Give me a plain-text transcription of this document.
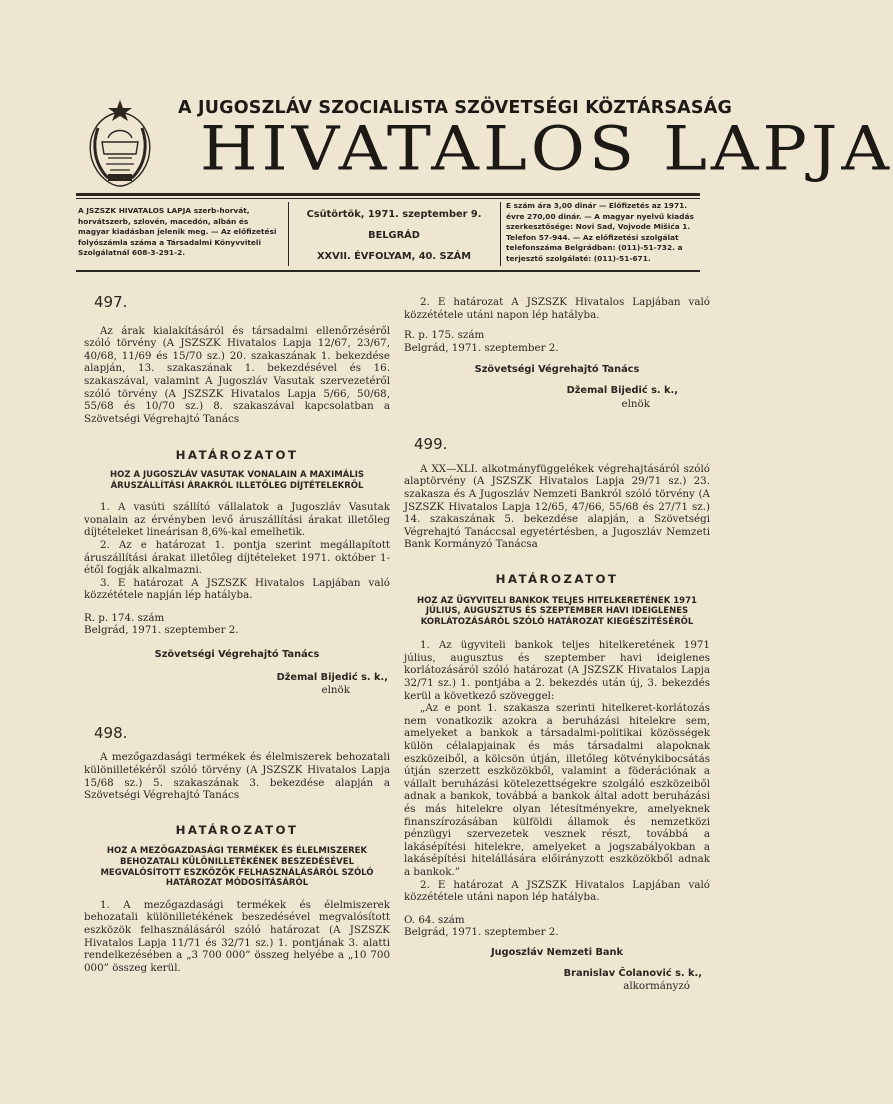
A JUGOSZLÁV SZOCIALISTA SZÖVETSÉGI KÖZTÁRSASÁG
HIVATALOS LAPJA
A JSZSZK HIVATALOS LAPJA szerb-horvát, horvátszerb, szlovén, macedón, albán és magyar kiadásban jelenik meg. — Az előfizetési folyószámla száma a Társadalmi Könyvviteli Szolgálatnál 608-3-291-2.
Csütörtök, 1971. szeptember 9.
BELGRÁD
XXVII. ÉVFOLYAM, 40. SZÁM
E szám ára 3,00 dinár — Előfizetés az 1971. évre 270,00 dinár. — A magyar nyelvű kiadás szerkesztősége: Novi Sad, Vojvode Mišića 1. Telefon 57-944. — Az előfizetési szolgálat telefonszáma Belgrádban: (011)-51-732. a terjesztő szolgálaté: (011)-51-671.
497.

Az árak kialakításáról és társadalmi ellenőrzéséről szóló törvény (A JSZSZK Hivatalos Lapja 12/67, 23/67, 40/68, 11/69 és 15/70 sz.) 20. szakaszának 1. bekezdése alapján, 13. szakaszának 1. bekezdésével és 16. szakaszával, valamint A Jugoszláv Vasutak szervezetéről szóló törvény (A JSZSZK Hivatalos Lapja 5/66, 50/68, 55/68 és 10/70 sz.) 8. szakaszával kapcsolatban a Szövetségi Végrehajtó Tanács

HATÁROZATOT
HOZ A JUGOSZLÁV VASUTAK VONALAIN A MAXIMÁLIS ÁRUSZÁLLÍTÁSI ÁRAKRÓL ILLETŐLEG DÍJTÉTELEKRŐL

1. A vasúti szállító vállalatok a Jugoszláv Vasutak vonalain az érvényben levő áruszállítási árakat illetőleg díjtételeket lineárisan 8,6%-kal emelhetik.

2. Az e határozat 1. pontja szerint megállapított áruszállítási árakat illetőleg díjtételeket 1971. október 1-étől fogják alkalmazni.

3. E határozat A JSZSZK Hivatalos Lapjában való közzététele napján lép hatályba.

R. p. 174. szám
Belgrád, 1971. szeptember 2.
Szövetségi Végrehajtó Tanács
Džemal Bijedić s. k.,
elnök
498.

A mezőgazdasági termékek és élelmiszerek behozatali különilletékéről szóló törvény (A JSZSZK Hivatalos Lapja 15/68 sz.) 5. szakaszának 3. bekezdése alapján a Szövetségi Végrehajtó Tanács

HATÁROZATOT
HOZ A MEZŐGAZDASÁGI TERMÉKEK ÉS ÉLELMISZEREK BEHOZATALI KÜLÖNILLETÉKÉNEK BESZEDÉSÉVEL MEGVALÓSÍTOTT ESZKÖZÖK FELHASZNÁLÁSÁRÓL SZÓLÓ HATÁROZAT MÓDOSÍTÁSÁRÓL

1. A mezőgazdasági termékek és élelmiszerek behozatali különilletékének beszedésével megvalósított eszközök felhasználásáról szóló határozat (A JSZSZK Hivatalos Lapja 11/71 és 32/71 sz.) 1. pontjának 3. alatti rendelkezésében a „3 700 000” összeg helyébe a „10 700 000” összeg kerül.

2. E határozat A JSZSZK Hivatalos Lapjában való közzététele utáni napon lép hatályba.

R. p. 175. szám
Belgrád, 1971. szeptember 2.
Szövetségi Végrehajtó Tanács
Džemal Bijedić s. k.,
elnök
499.

A XX—XLI. alkotmányfüggelékek végrehajtásáról szóló alaptörvény (A JSZSZK Hivatalos Lapja 29/71 sz.) 23. szakasza és A Jugoszláv Nemzeti Bankról szóló törvény (A JSZSZK Hivatalos Lapja 12/65, 47/66, 55/68 és 27/71 sz.) 14. szakaszának 5. bekezdése alapján, a Szövetségi Végrehajtó Tanáccsal egyetértésben, a Jugoszláv Nemzeti Bank Kormányzó Tanácsa

HATÁROZATOT
HOZ AZ ÜGYVITELI BANKOK TELJES HITELKERETÉNEK 1971 JÚLIUS, AUGUSZTUS ÉS SZEPTEMBER HAVI IDEIGLENES KORLÁTOZÁSÁRÓL SZÓLÓ HATÁROZAT KIEGÉSZÍTÉSÉRŐL

1. Az ügyviteli bankok teljes hitelkeretének 1971 július, augusztus és szeptember havi ideiglenes korlátozásáról szóló határozat (A JSZSZK Hivatalos Lapja 32/71 sz.) 1. pontjába a 2. bekezdés után új, 3. bekezdés kerül a következő szöveggel:

„Az e pont 1. szakasza szerinti hitelkeret-korlátozás nem vonatkozik azokra a beruházási hitelekre sem, amelyeket a bankok a társadalmi-politikai közösségek külön célalapjainak és más társadalmi alapoknak eszközeiből, a kölcsön útján, illetőleg kötvénykibocsátás útján szerzett eszközökből, valamint a föderációnak a vállalt beruházási kötelezettségekre szolgáló eszközeiből adnak a bankok, továbbá a bankok által adott beruházási és más hitelekre olyan létesítményekre, amelyeknek finanszírozásában külföldi államok és nemzetközi pénzügyi szervezetek vesznek részt, továbbá a lakásépítési hitelekre, amelyeket a jogszabályokban a lakásépítési hitelállására előirányzott eszközökből adnak a bankok.”

2. E határozat A JSZSZK Hivatalos Lapjában való közzététele utáni napon lép hatályba.

O. 64. szám
Belgrád, 1971. szeptember 2.
Jugoszláv Nemzeti Bank
Branislav Čolanović s. k.,
alkormányzó
